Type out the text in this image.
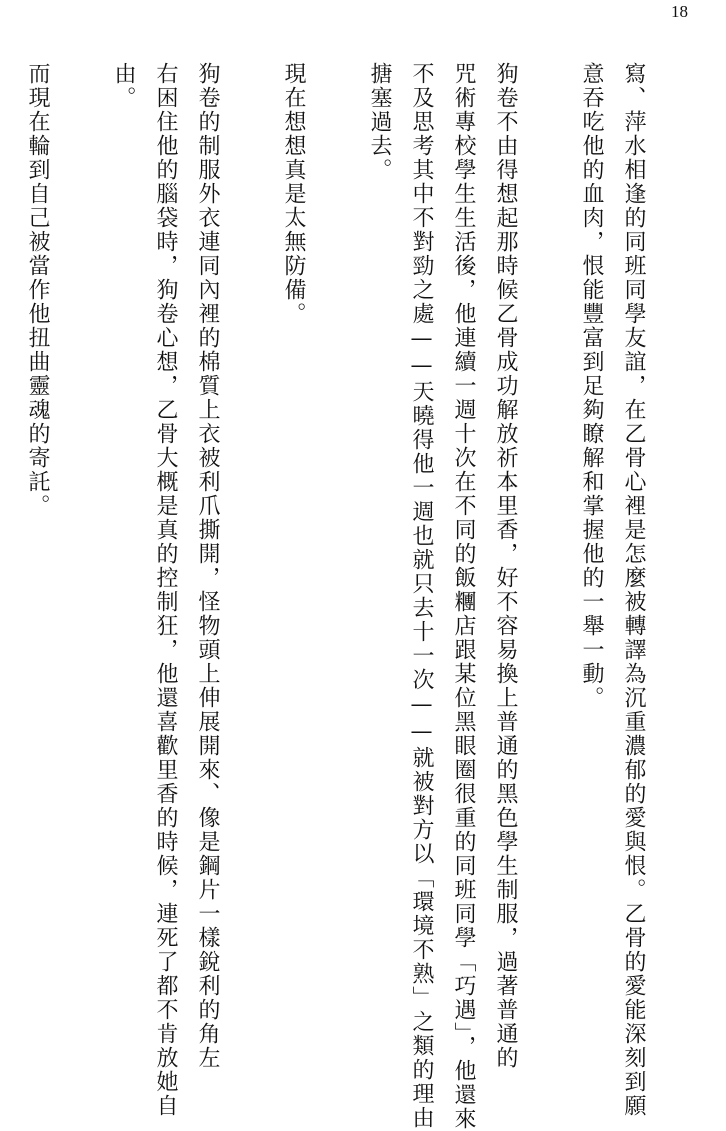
18
寫、萍水相逢的同班同學友誼，在乙骨心裡是怎麼被轉譯為沉重濃郁的愛與恨。乙骨的愛能深刻到願
意吞吃他的血肉，恨能豐富到足夠瞭解和掌握他的一舉一動。
狗卷不由得想起那時候乙骨成功解放祈本里香，好不容易換上普通的黑色學生制服，過著普通的
咒術專校學生生活後，他連續一週十次在不同的飯糰店跟某位黑眼圈很重的同班同學「巧遇」，他還來
不及思考其中不對勁之處——天曉得他一週也就只去十一次——就被對方以「環境不熟」之類的理由
搪塞過去。
現在想想真是太無防備。
狗卷的制服外衣連同內裡的棉質上衣被利爪撕開，怪物頭上伸展開來、像是鋼片一樣銳利的角左
右困住他的腦袋時，狗卷心想，乙骨大概是真的控制狂，他還喜歡里香的時候，連死了都不肯放她自
由。
而現在輪到自己被當作他扭曲靈魂的寄託。
